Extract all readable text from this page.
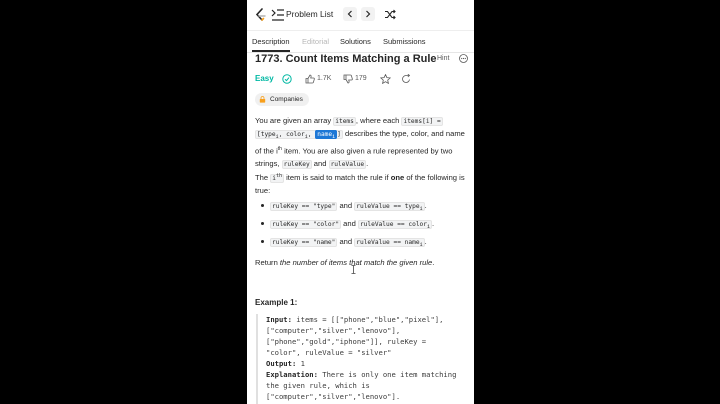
Problem List
Description Editorial Solutions Submissions
1773. Count Items Matching a Rule Hint
Easy	1.7K	179
Companies
You are given an array items , where each items[i] = [type$_i$, color$_i$, name$_i$ ] describes the type, color, and name of the $i^{th}$ item. You are also given a rule represented by two strings, ruleKey and ruleValue .
The $i^{th}$ item is said to match the rule if one of the following is true:
ruleKey == "type" and ruleValue == type$_i$ .
ruleKey == "color" and ruleValue == color$_i$ .
ruleKey == "name" and ruleValue == name$_i$ .
Return the number of items that match the given rule.
Example 1:
Input: items = [["phone","blue","pixel"],
["computer","silver","lenovo"],
["phone","gold","iphone"]], ruleKey =
"color", ruleValue = "silver"
Output: 1
Explanation: There is only one item matching
the given rule, which is
["computer","silver","lenovo"].
